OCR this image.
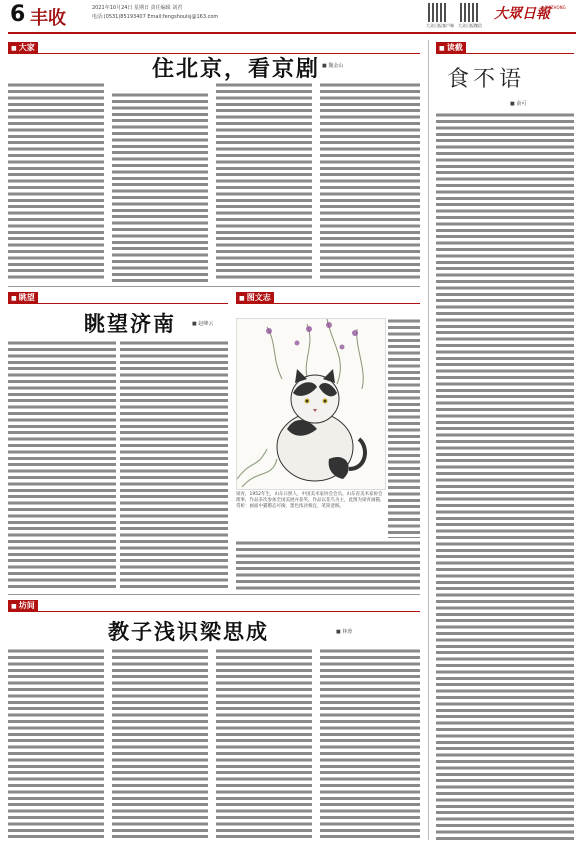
6 丰收	2021年10月24日 星期日 责任编辑 刘君
电话:(0531)85193407 Email:fengshoulsj@163.com
大众日报客户端 大众日报微信
大眾日報
DAZHONG
■ 大家
住北京，看京剧 ■ 魏金山
■ 读截
食不语
■ 俞可
■ 眺望
眺望济南	■ 赵峰云
■ 图文志
梁青，1952年生，山东日照人，中国美术家协会会员。山东省美术家协会理事，作品多次参加全国美展并获奖。作品以花鸟为主，此图为梁青画猫，赏析：画面中猫憨态可掬，墨色浓淡相宜，笔简意赅。
■ 坊间
教子浅识梁思成	■ 林蓉
